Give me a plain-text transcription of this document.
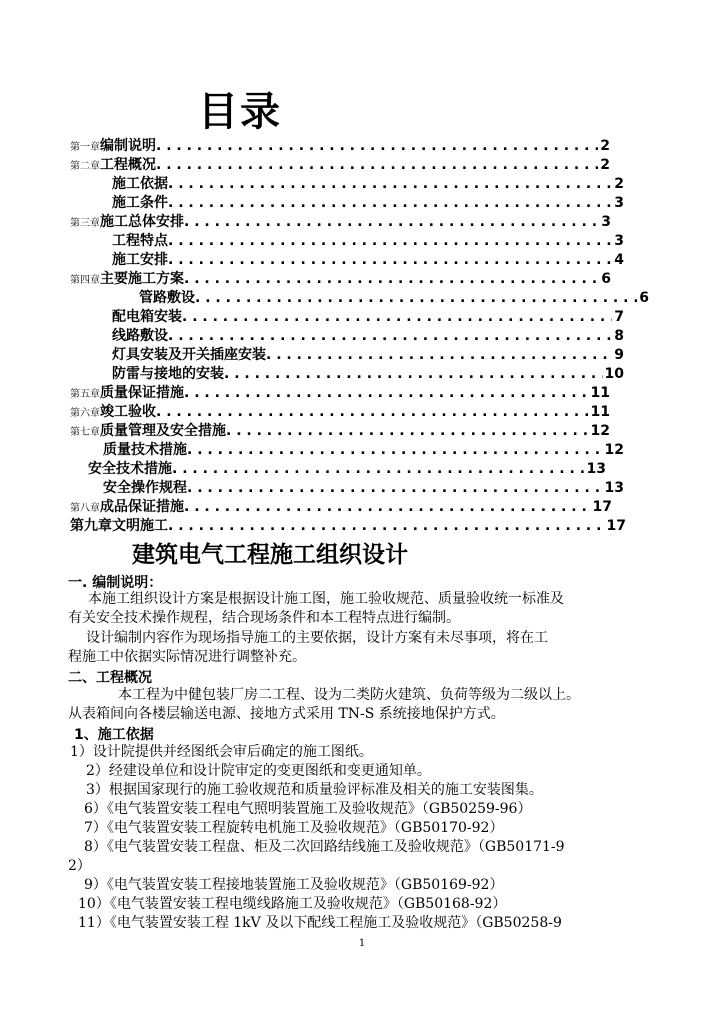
目录
第一章 编制说明 . . .	2
第二章 工程概况 . . .	2
施工依据 . . .	2
施工条件 . . .	3
第三章 施工总体安排 . . .	3
工程特点 . . .	3
施工安排 . . .	4
第四章 主要施工方案 . . .	6
管路敷设 . . .	6
配电箱安装 . . .	7
线路敷设 . . .	8
灯具安装及开关插座安装 . . .	9
防雷与接地的安装 . . .	10
第五章 质量保证措施 . . .	11
第六章 竣工验收 . . .	11
第七章 质量管理及安全措施 . . .	12
质量技术措施 . . .	12
安全技术措施 . . .	13
安全操作规程 . . .	13
第八章 成品保证措施 . . .	17
第九章文明施工 . . .	17
建筑电气工程施工组织设计
一. 编制说明：
本施工组织设计方案是根据设计施工图，施工验收规范、质量验收统一标准及
有关安全技术操作规程，结合现场条件和本工程特点进行编制。
设计编制内容作为现场指导施工的主要依据，设计方案有未尽事项，将在工
程施工中依据实际情况进行调整补充。
二、工程概况
本工程为中健包装厂房二工程、设为二类防火建筑、负荷等级为二级以上。
从表箱间向各楼层输送电源、接地方式采用 TN-S 系统接地保护方式。
1、施工依据
1）设计院提供并经图纸会审后确定的施工图纸。
2）经建设单位和设计院审定的变更图纸和变更通知单。
3）根据国家现行的施工验收规范和质量验评标准及相关的施工安装图集。
6）《电气装置安装工程电气照明装置施工及验收规范》（GB50259-96）
7）《电气装置安装工程旋转电机施工及验收规范》（GB50170-92）
8）《电气装置安装工程盘、柜及二次回路结线施工及验收规范》（GB50171-9
2）
9）《电气装置安装工程接地装置施工及验收规范》（GB50169-92）
10）《电气装置安装工程电缆线路施工及验收规范》（GB50168-92）
11）《电气装置安装工程 1kV 及以下配线工程施工及验收规范》（GB50258-9
1
